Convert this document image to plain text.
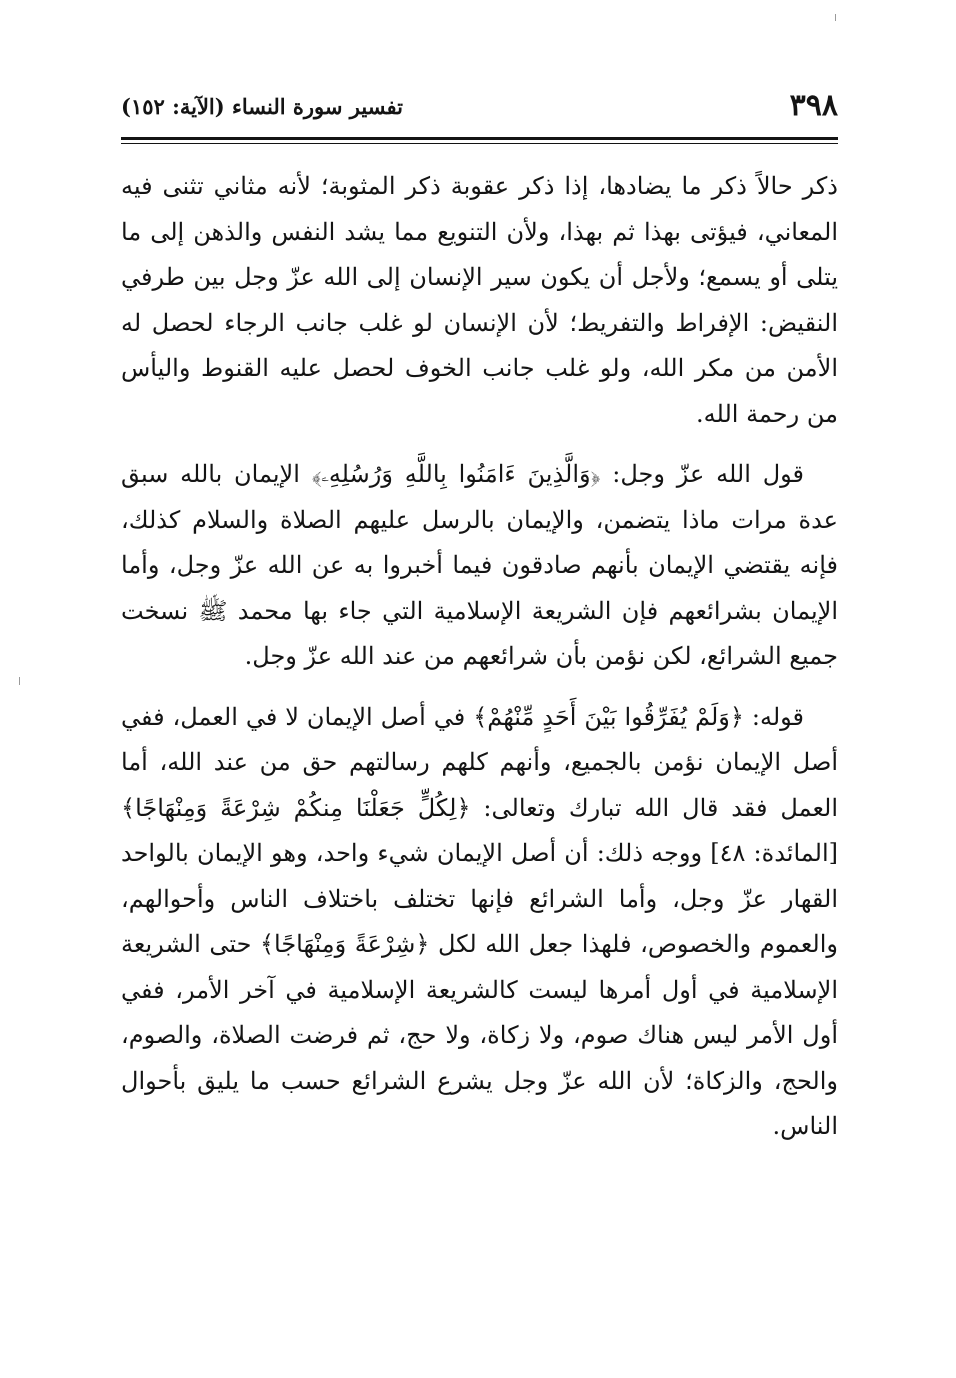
٣٩٨
تفسير سورة النساء (الآية: ١٥٢)

ذكر حالاً ذكر ما يضادها، إذا ذكر عقوبة ذكر المثوبة؛ لأنه مثاني تثنى فيه المعاني، فيؤتى بهذا ثم بهذا، ولأن التنويع مما يشد النفس والذهن إلى ما يتلى أو يسمع؛ ولأجل أن يكون سير الإنسان إلى الله عزّ وجل بين طرفي النقيض: الإفراط والتفريط؛ لأن الإنسان لو غلب جانب الرجاء لحصل له الأمن من مكر الله، ولو غلب جانب الخوف لحصل عليه القنوط واليأس من رحمة الله.

قول الله عزّ وجل: ﴿وَالَّذِينَ ءَامَنُوا بِاللَّهِ وَرُسُلِهِۦ﴾ الإيمان بالله سبق عدة مرات ماذا يتضمن، والإيمان بالرسل عليهم الصلاة والسلام كذلك، فإنه يقتضي الإيمان بأنهم صادقون فيما أخبروا به عن الله عزّ وجل، وأما الإيمان بشرائعهم فإن الشريعة الإسلامية التي جاء بها محمد ﷺ نسخت جميع الشرائع، لكن نؤمن بأن شرائعهم من عند الله عزّ وجل.

قوله: ﴿وَلَمْ يُفَرِّقُوا بَيْنَ أَحَدٍ مِّنْهُمْ﴾ في أصل الإيمان لا في العمل، ففي أصل الإيمان نؤمن بالجميع، وأنهم كلهم رسالتهم حق من عند الله، أما العمل فقد قال الله تبارك وتعالى: ﴿لِكُلٍّ جَعَلْنَا مِنكُمْ شِرْعَةً وَمِنْهَاجًا﴾ [المائدة: ٤٨] ووجه ذلك: أن أصل الإيمان شيء واحد، وهو الإيمان بالواحد القهار عزّ وجل، وأما الشرائع فإنها تختلف باختلاف الناس وأحوالهم، والعموم والخصوص، فلهذا جعل الله لكل ﴿شِرْعَةً وَمِنْهَاجًا﴾ حتى الشريعة الإسلامية في أول أمرها ليست كالشريعة الإسلامية في آخر الأمر، ففي أول الأمر ليس هناك صوم، ولا زكاة، ولا حج، ثم فرضت الصلاة، والصوم، والحج، والزكاة؛ لأن الله عزّ وجل يشرع الشرائع حسب ما يليق بأحوال الناس.
